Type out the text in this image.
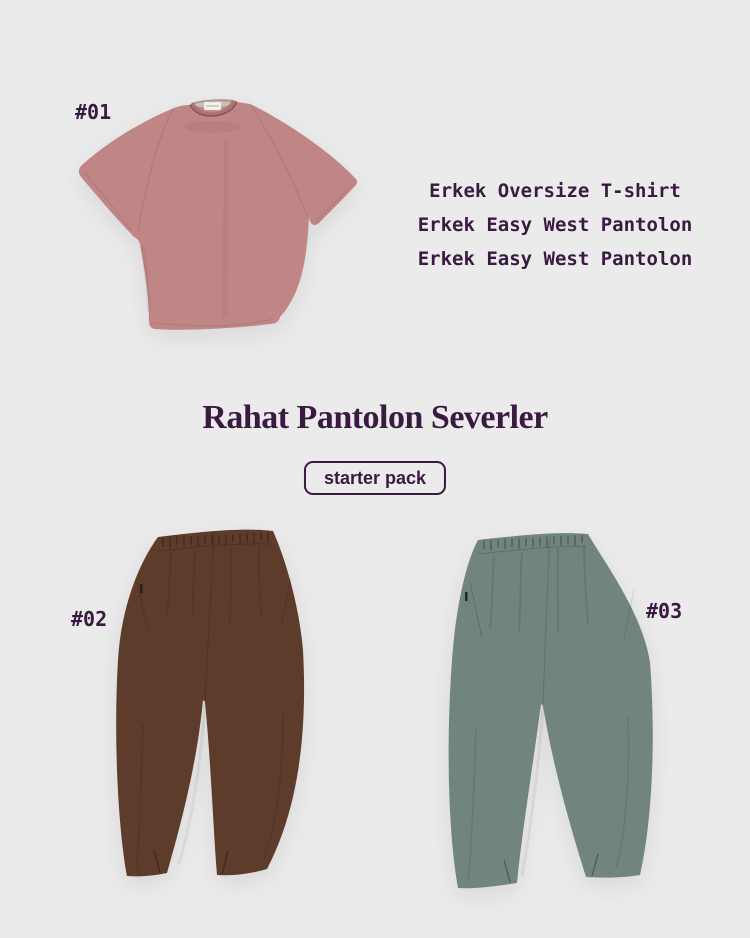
#01
#02	#03
Erkek Oversize T-shirt
Erkek Easy West Pantolon
Erkek Easy West Pantolon
Rahat Pantolon Severler
starter pack
